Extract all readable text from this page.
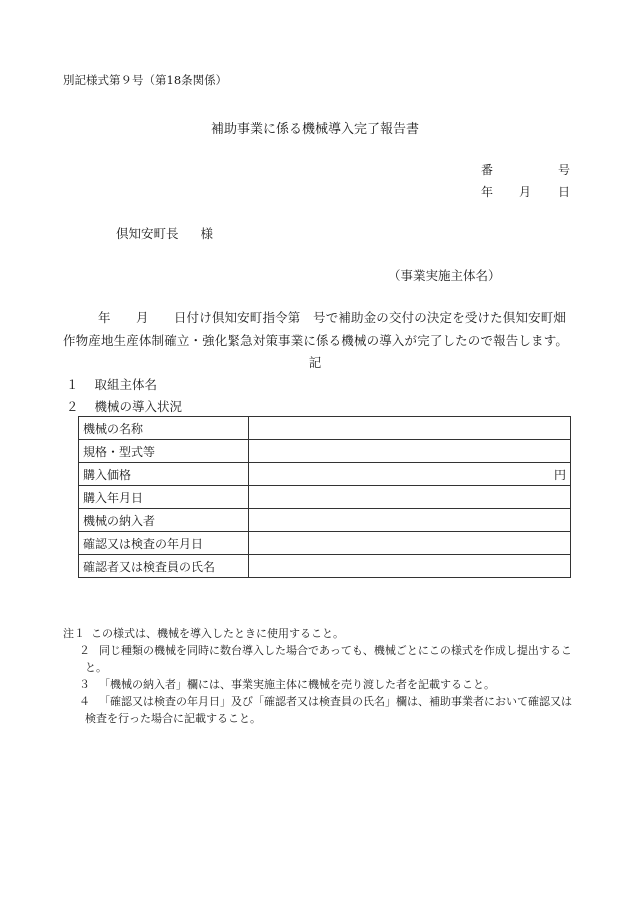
別記様式第９号（第18条関係）
補助事業に係る機械導入完了報告書
番	号
年 月 日
倶知安町長 様
（事業実施主体名）
年　　月　　日付け倶知安町指令第　号で補助金の交付の決定を受けた倶知安町畑
作物産地生産体制確立・強化緊急対策事業に係る機械の導入が完了したので報告します。
記
１ 取組主体名
２ 機械の導入状況
機械の名称	
規格・型式等	
購入価格	円
購入年月日	
機械の納入者	
確認又は検査の年月日	
確認者又は検査員の氏名	
注１ この様式は、機械を導入したときに使用すること。
２ 同じ種類の機械を同時に数台導入した場合であっても、機械ごとにこの様式を作成し提出するこ
と。
３ 「機械の納入者」欄には、事業実施主体に機械を売り渡した者を記載すること。
４ 「確認又は検査の年月日」及び「確認者又は検査員の氏名」欄は、補助事業者において確認又は
検査を行った場合に記載すること。
